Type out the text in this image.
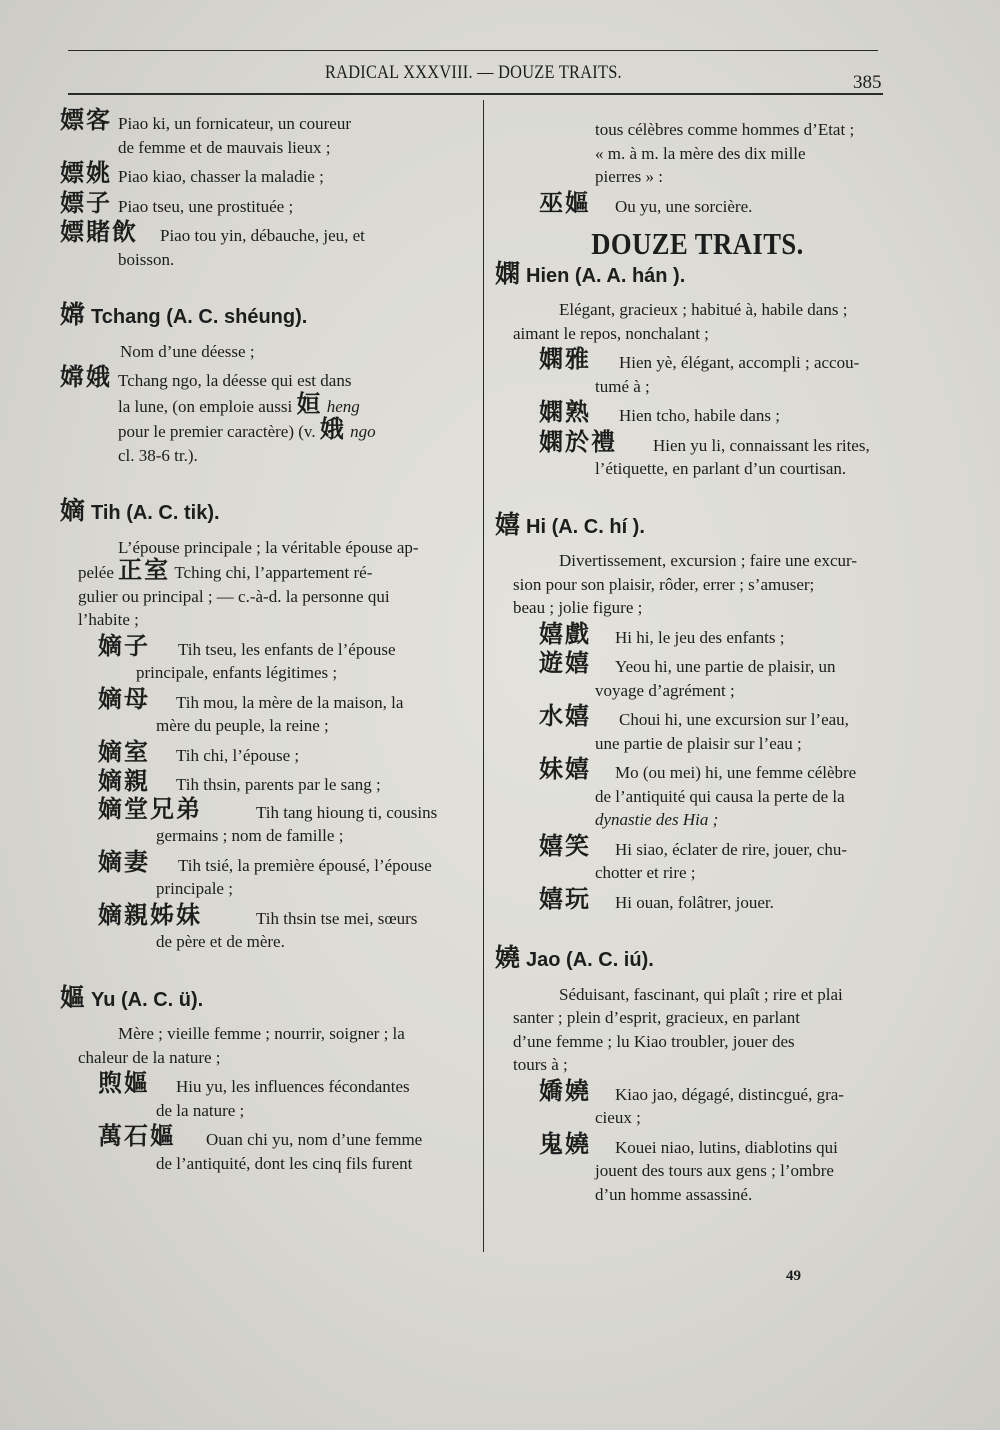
RADICAL XXXVIII. — DOUZE TRAITS.	385
嫖客 Piao ki, un fornicateur, un coureur
de femme et de mauvais lieux ;
嫖姚 Piao kiao, chasser la maladie ;
嫖子 Piao tseu, une prostituée ;
嫖賭飲 Piao tou yin, débauche, jeu, et
boisson.
嫦 Tchang (A. C. shéung).
Nom d’une déesse ;
嫦娥 Tchang ngo, la déesse qui est dans
la lune, (on emploie aussi 姮 heng
pour le premier caractère) (v. 娥 ngo
cl. 38-6 tr.).
嫡 Tih (A. C. tik).
L’épouse principale ; la véritable épouse ap-
pelée 正室 Tching chi, l’appartement ré-
gulier ou principal ; — c.-à-d. la personne qui
l’habite ;
嫡子	Tih tseu, les enfants de l’épouse
principale, enfants légitimes ;
嫡母	Tih mou, la mère de la maison, la
mère du peuple, la reine ;
嫡室 Tih chi, l’épouse ;
嫡親 Tih thsin, parents par le sang ;
嫡堂兄弟	Tih tang hioung ti, cousins
germains ; nom de famille ;
嫡妻	Tih tsié, la première épousé, l’épouse
principale ;
嫡親姊妹	Tih thsin tse mei, sœurs
de père et de mère.
嫗 Yu (A. C. ü).
Mère ; vieille femme ; nourrir, soigner ; la
chaleur de la nature ;
煦嫗	Hiu yu, les influences fécondantes
de la nature ;
萬石嫗	Ouan chi yu, nom d’une femme
de l’antiquité, dont les cinq fils furent
tous célèbres comme hommes d’Etat ;
« m. à m. la mère des dix mille
pierres » :
巫嫗 Ou yu, une sorcière.
DOUZE TRAITS.
嫻 Hien (A. A. hán ).
Elégant, gracieux ; habitué à, habile dans ;
aimant le repos, nonchalant ;
嫻雅	Hien yè, élégant, accompli ; accou-
tumé à ;
嫻熟 Hien tcho, habile dans ;
嫻於禮	Hien yu li, connaissant les rites,
l’étiquette, en parlant d’un courtisan.
嬉 Hi (A. C. hí ).
Divertissement, excursion ; faire une excur-
sion pour son plaisir, rôder, errer ; s’amuser;
beau ; jolie figure ;
嬉戲 Hi hi, le jeu des enfants ;
遊嬉	Yeou hi, une partie de plaisir, un
voyage d’agrément ;
水嬉	Choui hi, une excursion sur l’eau,
une partie de plaisir sur l’eau ;
妹嬉	Mo (ou mei) hi, une femme célèbre
de l’antiquité qui causa la perte de la
dynastie des Hia ;
嬉笑	Hi siao, éclater de rire, jouer, chu-
chotter et rire ;
嬉玩 Hi ouan, folâtrer, jouer.
嬈 Jao (A. C. iú).
Séduisant, fascinant, qui plaît ; rire et plai
santer ; plein d’esprit, gracieux, en parlant
d’une femme ; lu Kiao troubler, jouer des
tours à ;
嬌嬈	Kiao jao, dégagé, distincgué, gra-
cieux ;
鬼嬈	Kouei niao, lutins, diablotins qui
jouent des tours aux gens ; l’ombre
d’un homme assassiné.
49
